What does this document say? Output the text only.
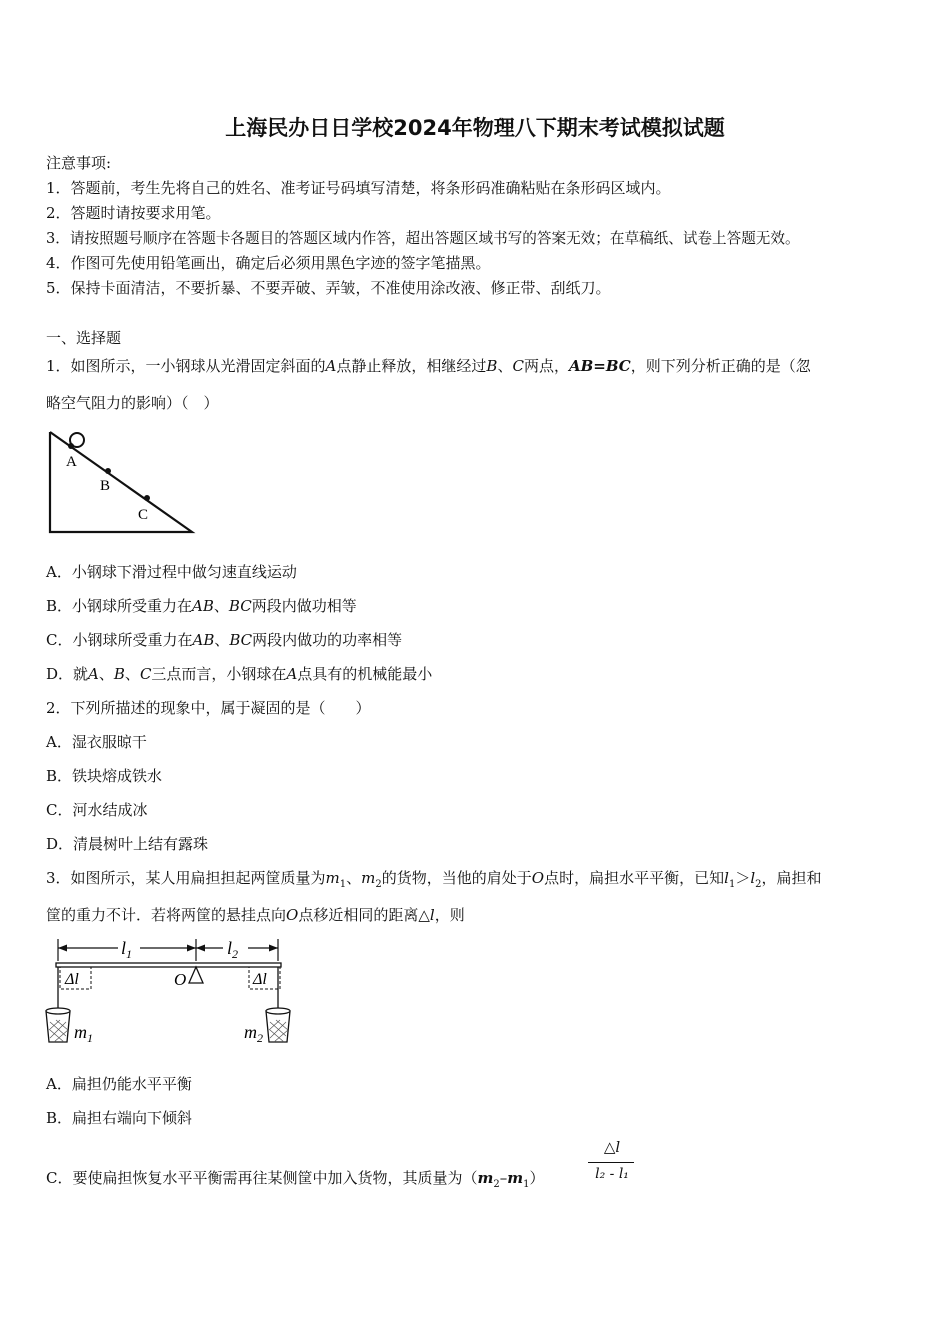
上海民办日日学校2024年物理八下期末考试模拟试题
注意事项:
1．答题前，考生先将自己的姓名、准考证号码填写清楚，将条形码准确粘贴在条形码区域内。
2．答题时请按要求用笔。
3．请按照题号顺序在答题卡各题目的答题区域内作答，超出答题区域书写的答案无效；在草稿纸、试卷上答题无效。
4．作图可先使用铅笔画出，确定后必须用黑色字迹的签字笔描黑。
5．保持卡面清洁，不要折暴、不要弄破、弄皱，不准使用涂改液、修正带、刮纸刀。
一、选择题
1．如图所示，一小钢球从光滑固定斜面的A点静止释放，相继经过B、C两点，AB=BC，则下列分析正确的是（忽
略空气阻力的影响）（　）
A
B
C
A．小钢球下滑过程中做匀速直线运动
B．小钢球所受重力在AB、BC两段内做功相等
C．小钢球所受重力在AB、BC两段内做功的功率相等
D．就A、B、C三点而言，小钢球在A点具有的机械能最小
2．下列所描述的现象中，属于凝固的是（　　）
A．湿衣服晾干
B．铁块熔成铁水
C．河水结成冰
D．清晨树叶上结有露珠
3．如图所示，某人用扁担担起两筐质量为$m_1$、$m_2$的货物，当他的肩处于O点时，扁担水平平衡，已知$l_1>l_2$，扁担和
筐的重力不计．若将两筐的悬挂点向O点移近相同的距离△l，则
$l_1$	$l_2$
O
Δl	Δl
$m_1$	$m_2$
A．扁担仍能水平平衡
B．扁担右端向下倾斜
C．要使扁担恢复水平平衡需再往某侧筐中加入货物，其质量为$(m_2-m_1)$
△l
l₂ - l₁
